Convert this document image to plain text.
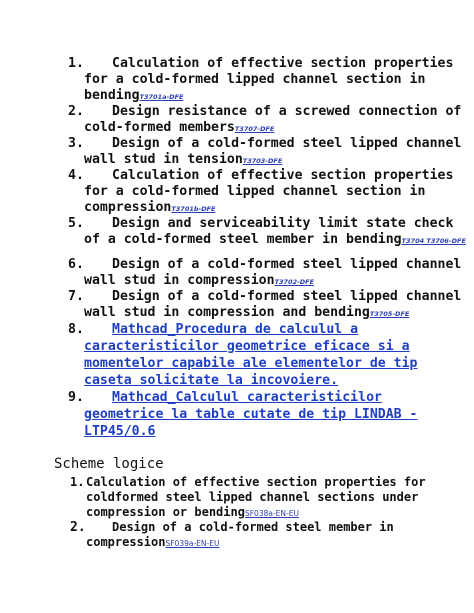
1.	Calculation of effective section properties for a cold-formed lipped channel section in bendingT3701a-DFE
2.	Design resistance of a screwed connection of cold-formed membersT3707-DFE
3.	Design of a cold-formed steel lipped channel wall stud in tensionT3703-DFE
4.	Calculation of effective section properties for a cold-formed lipped channel section in compressionT3701b-DFE
5.	Design and serviceability limit state check of a cold-formed steel member in bendingT3704 T3706-DFE
6.	Design of a cold-formed steel lipped channel wall stud in compressionT3702-DFE
7.	Design of a cold-formed steel lipped channel wall stud in compression and bendingT3705-DFE
8.	Mathcad_Procedura de calculul a caracteristicilor geometrice eficace si a momentelor capabile ale elementelor de tip caseta solicitate la incovoiere.
9.	Mathcad_Calculul caracteristicilor geometrice la table cutate de tip LINDAB - LTP45/0.6
Scheme logice
1. Calculation of effective section properties for coldformed steel lipped channel sections under compression or bendingSF038a-EN-EU
2.	Design of a cold-formed steel member in compressionSF039a-EN-EU
